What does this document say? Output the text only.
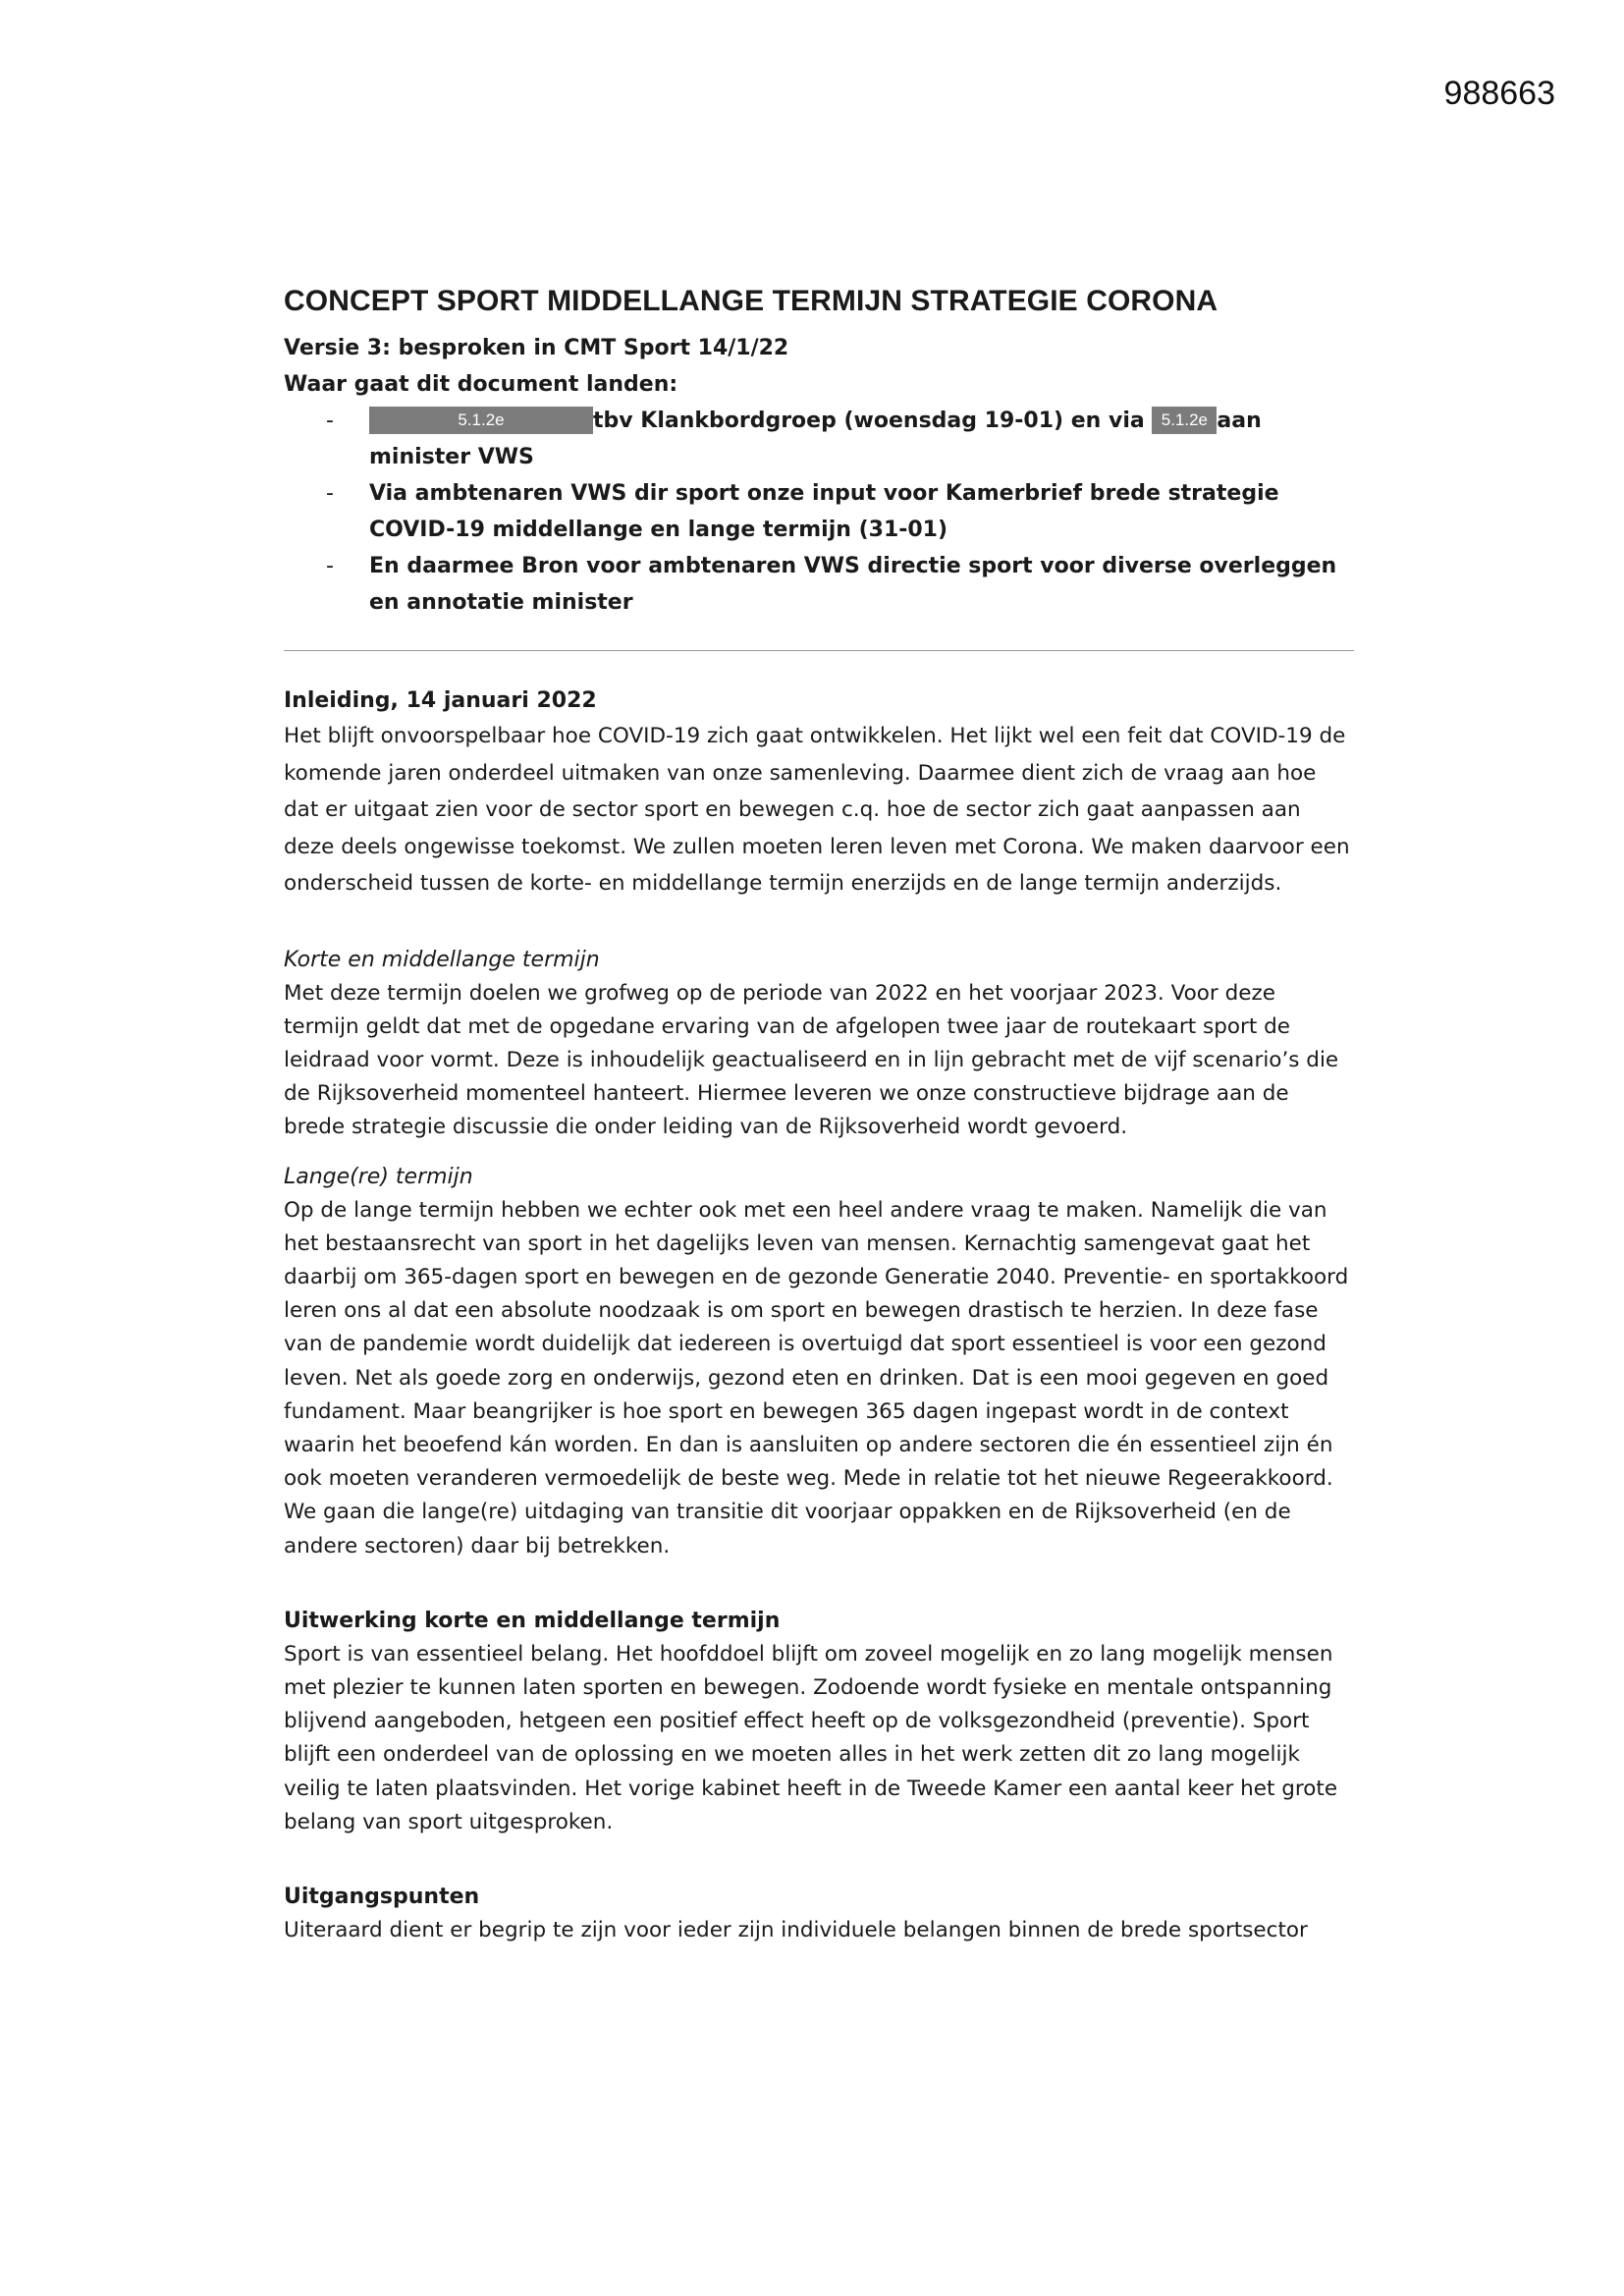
988663
CONCEPT SPORT MIDDELLANGE TERMIJN STRATEGIE CORONA
Versie 3: besproken in CMT Sport 14/1/22
Waar gaat dit document landen:
-	5.1.2e	tbv Klankbordgroep (woensdag 19-01) en via 5.1.2e aan minister VWS
- Via ambtenaren VWS dir sport onze input voor Kamerbrief brede strategie COVID-19 middellange en lange termijn (31-01)
- En daarmee Bron voor ambtenaren VWS directie sport voor diverse overleggen en annotatie minister
Inleiding, 14 januari 2022

Het blijft onvoorspelbaar hoe COVID-19 zich gaat ontwikkelen. Het lijkt wel een feit dat COVID-19 de komende jaren onderdeel uitmaken van onze samenleving. Daarmee dient zich de vraag aan hoe dat er uitgaat zien voor de sector sport en bewegen c.q. hoe de sector zich gaat aanpassen aan deze deels ongewisse toekomst. We zullen moeten leren leven met Corona. We maken daarvoor een onderscheid tussen de korte- en middellange termijn enerzijds en de lange termijn anderzijds.

Korte en middellange termijn

Met deze termijn doelen we grofweg op de periode van 2022 en het voorjaar 2023. Voor deze termijn geldt dat met de opgedane ervaring van de afgelopen twee jaar de routekaart sport de leidraad voor vormt. Deze is inhoudelijk geactualiseerd en in lijn gebracht met de vijf scenario’s die de Rijksoverheid momenteel hanteert. Hiermee leveren we onze constructieve bijdrage aan de brede strategie discussie die onder leiding van de Rijksoverheid wordt gevoerd.

Lange(re) termijn

Op de lange termijn hebben we echter ook met een heel andere vraag te maken. Namelijk die van het bestaansrecht van sport in het dagelijks leven van mensen. Kernachtig samengevat gaat het daarbij om 365-dagen sport en bewegen en de gezonde Generatie 2040. Preventie- en sportakkoord leren ons al dat een absolute noodzaak is om sport en bewegen drastisch te herzien. In deze fase van de pandemie wordt duidelijk dat iedereen is overtuigd dat sport essentieel is voor een gezond leven. Net als goede zorg en onderwijs, gezond eten en drinken. Dat is een mooi gegeven en goed fundament. Maar beangrijker is hoe sport en bewegen 365 dagen ingepast wordt in de context waarin het beoefend kán worden. En dan is aansluiten op andere sectoren die én essentieel zijn én ook moeten veranderen vermoedelijk de beste weg. Mede in relatie tot het nieuwe Regeerakkoord. We gaan die lange(re) uitdaging van transitie dit voorjaar oppakken en de Rijksoverheid (en de andere sectoren) daar bij betrekken.

Uitwerking korte en middellange termijn

Sport is van essentieel belang. Het hoofddoel blijft om zoveel mogelijk en zo lang mogelijk mensen met plezier te kunnen laten sporten en bewegen. Zodoende wordt fysieke en mentale ontspanning blijvend aangeboden, hetgeen een positief effect heeft op de volksgezondheid (preventie). Sport blijft een onderdeel van de oplossing en we moeten alles in het werk zetten dit zo lang mogelijk veilig te laten plaatsvinden. Het vorige kabinet heeft in de Tweede Kamer een aantal keer het grote belang van sport uitgesproken.

Uitgangspunten

Uiteraard dient er begrip te zijn voor ieder zijn individuele belangen binnen de brede sportsector
